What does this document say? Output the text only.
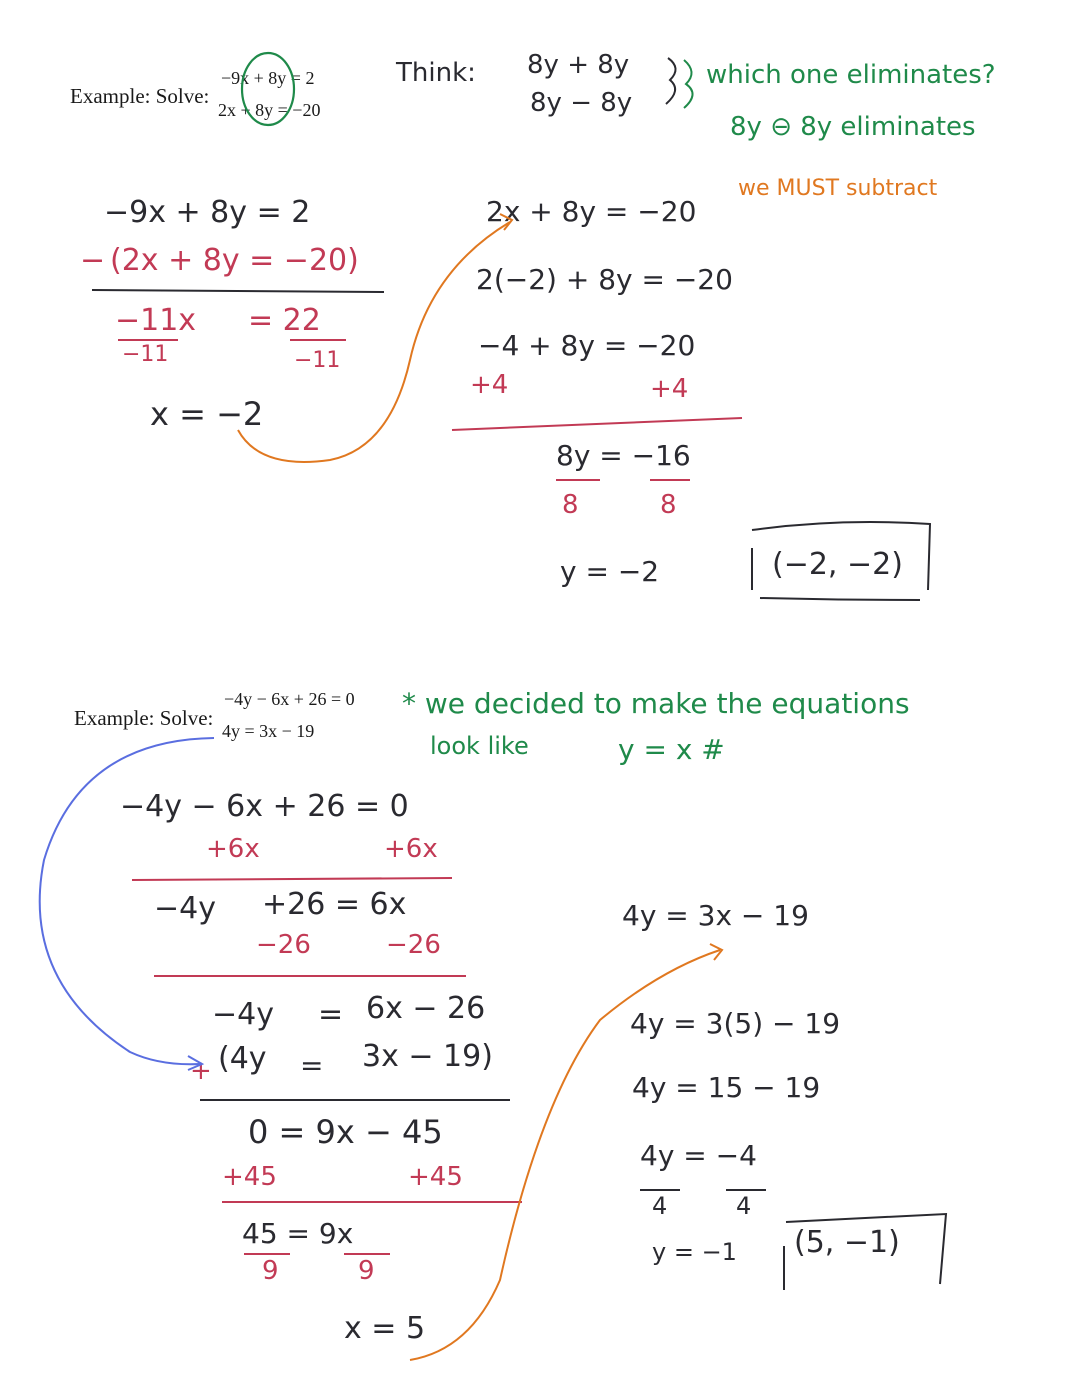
Example: Solve:
−9x + 8y = 2
2x + 8y = −20
Think: 8y + 8y
8y − 8y
which one eliminates?
8y ⊖ 8y eliminates
we MUST subtract
−9x + 8y = 2
− (2x + 8y = −20)
−11x = 22
−11	−11
x = −2
2x + 8y = −20
2(−2) + 8y = −20
−4 + 8y = −20
+4	+4
8y = −16
8	8
y = −2	(−2, −2)
Example: Solve:
−4y − 6x + 26 = 0
4y = 3x − 19
* we decided to make the equations
look like	y = x #
−4y − 6x + 26 = 0
+6x	+6x
−4y +26 = 6x
−26	−26
−4y = 6x − 26
+ (4y = 3x − 19)
0 = 9x − 45
+45	+45
45 = 9x
9	9
x = 5
4y = 3x − 19
4y = 3(5) − 19
4y = 15 − 19
4y = −4
4	4
y = −1 (5, −1)
